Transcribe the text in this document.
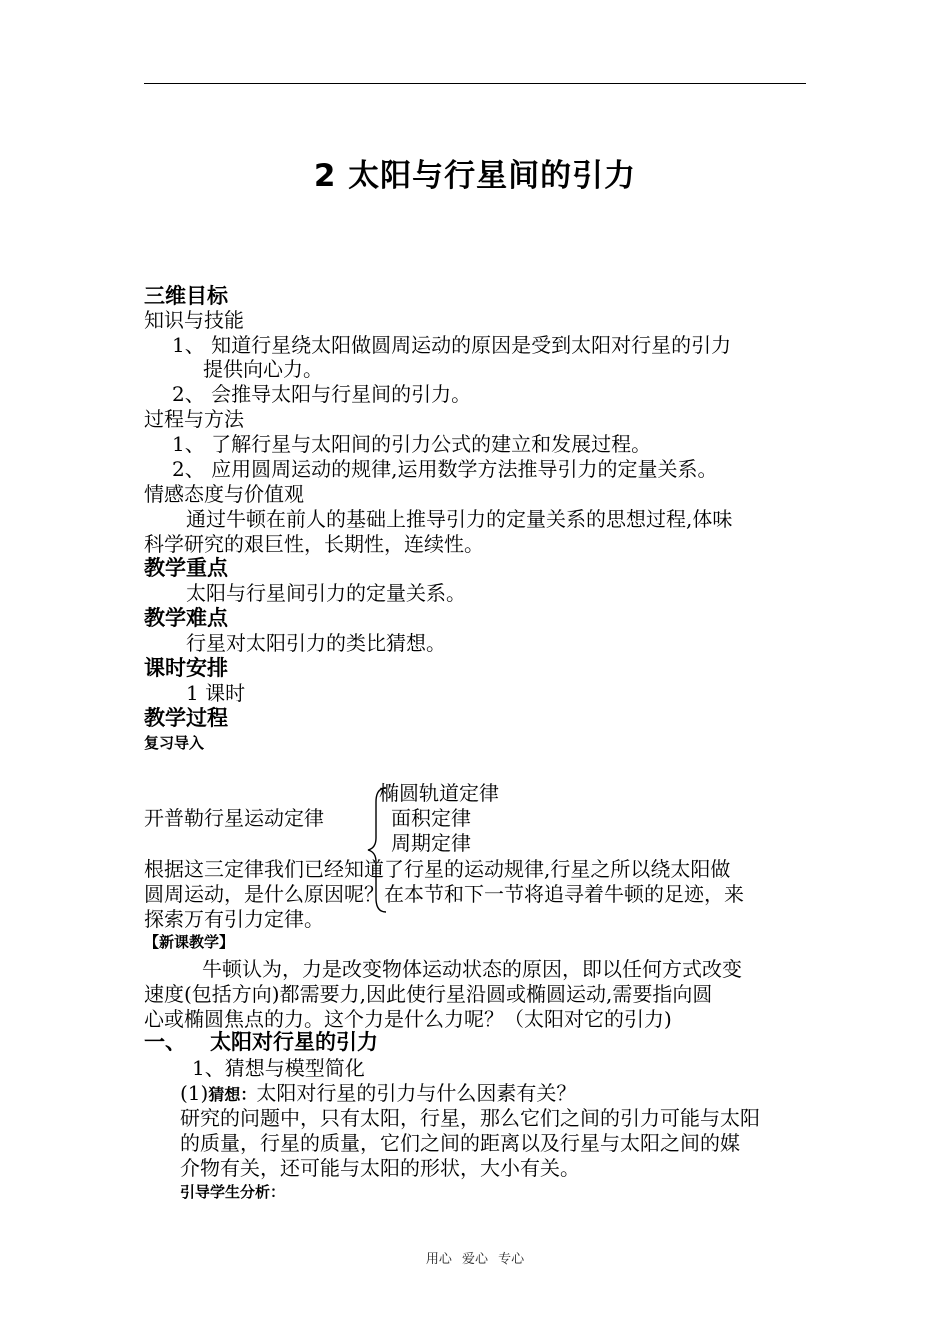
2 太阳与行星间的引力
三维目标
知识与技能
1、 知道行星绕太阳做圆周运动的原因是受到太阳对行星的引力
提供向心力。
2、 会推导太阳与行星间的引力。
过程与方法
1、 了解行星与太阳间的引力公式的建立和发展过程。
2、 应用圆周运动的规律,运用数学方法推导引力的定量关系。
情感态度与价值观
通过牛顿在前人的基础上推导引力的定量关系的思想过程,体味
科学研究的艰巨性，长期性，连续性。
教学重点
太阳与行星间引力的定量关系。
教学难点
行星对太阳引力的类比猜想。
课时安排
1 课时
教学过程
复习导入
椭圆轨道定律
开普勒行星运动定律	面积定律
周期定律
根据这三定律我们已经知道了行星的运动规律,行星之所以绕太阳做
圆周运动，是什么原因呢？在本节和下一节将追寻着牛顿的足迹，来
探索万有引力定律。
【新课教学】
牛顿认为，力是改变物体运动状态的原因，即以任何方式改变
速度(包括方向)都需要力,因此使行星沿圆或椭圆运动,需要指向圆
心或椭圆焦点的力。这个力是什么力呢？（太阳对它的引力)
一、 太阳对行星的引力
1、猜想与模型简化
(1)猜想：太阳对行星的引力与什么因素有关？
研究的问题中，只有太阳，行星，那么它们之间的引力可能与太阳
的质量，行星的质量，它们之间的距离以及行星与太阳之间的媒
介物有关，还可能与太阳的形状，大小有关。
引导学生分析：
用心 爱心 专心
